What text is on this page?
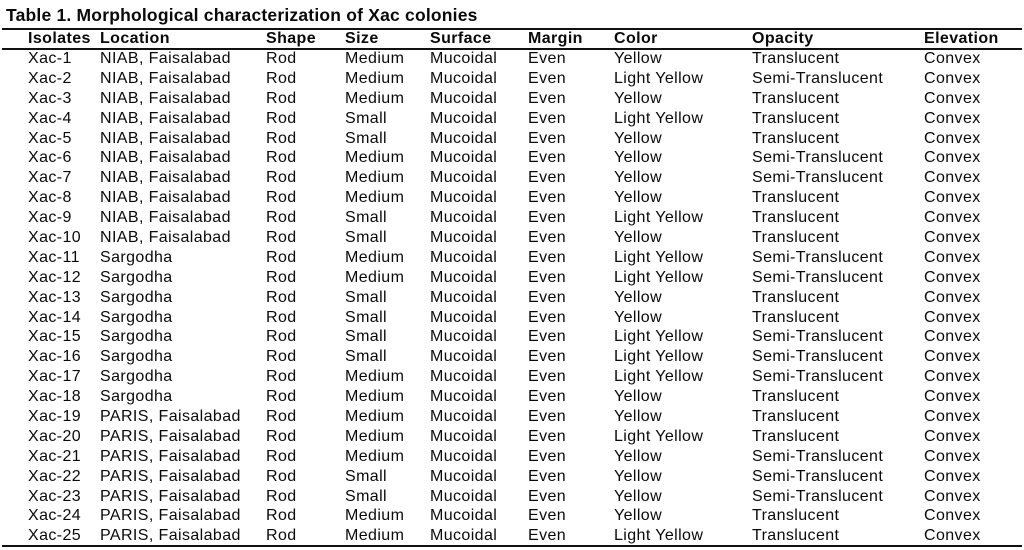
Table 1. Morphological characterization of Xac colonies
Isolates	Location	Shape	Size	Surface	Margin	Color	Opacity	Elevation
Xac-1	NIAB, Faisalabad	Rod	Medium	Mucoidal	Even	Yellow	Translucent	Convex
Xac-2	NIAB, Faisalabad	Rod	Medium	Mucoidal	Even	Light Yellow	Semi-Translucent	Convex
Xac-3	NIAB, Faisalabad	Rod	Medium	Mucoidal	Even	Yellow	Translucent	Convex
Xac-4	NIAB, Faisalabad	Rod	Small	Mucoidal	Even	Light Yellow	Translucent	Convex
Xac-5	NIAB, Faisalabad	Rod	Small	Mucoidal	Even	Yellow	Translucent	Convex
Xac-6	NIAB, Faisalabad	Rod	Medium	Mucoidal	Even	Yellow	Semi-Translucent	Convex
Xac-7	NIAB, Faisalabad	Rod	Medium	Mucoidal	Even	Yellow	Semi-Translucent	Convex
Xac-8	NIAB, Faisalabad	Rod	Medium	Mucoidal	Even	Yellow	Translucent	Convex
Xac-9	NIAB, Faisalabad	Rod	Small	Mucoidal	Even	Light Yellow	Translucent	Convex
Xac-10	NIAB, Faisalabad	Rod	Small	Mucoidal	Even	Yellow	Translucent	Convex
Xac-11	Sargodha	Rod	Medium	Mucoidal	Even	Light Yellow	Semi-Translucent	Convex
Xac-12	Sargodha	Rod	Medium	Mucoidal	Even	Light Yellow	Semi-Translucent	Convex
Xac-13	Sargodha	Rod	Small	Mucoidal	Even	Yellow	Translucent	Convex
Xac-14	Sargodha	Rod	Small	Mucoidal	Even	Yellow	Translucent	Convex
Xac-15	Sargodha	Rod	Small	Mucoidal	Even	Light Yellow	Semi-Translucent	Convex
Xac-16	Sargodha	Rod	Small	Mucoidal	Even	Light Yellow	Semi-Translucent	Convex
Xac-17	Sargodha	Rod	Medium	Mucoidal	Even	Light Yellow	Semi-Translucent	Convex
Xac-18	Sargodha	Rod	Medium	Mucoidal	Even	Yellow	Translucent	Convex
Xac-19	PARIS, Faisalabad	Rod	Medium	Mucoidal	Even	Yellow	Translucent	Convex
Xac-20	PARIS, Faisalabad	Rod	Medium	Mucoidal	Even	Light Yellow	Translucent	Convex
Xac-21	PARIS, Faisalabad	Rod	Medium	Mucoidal	Even	Yellow	Semi-Translucent	Convex
Xac-22	PARIS, Faisalabad	Rod	Small	Mucoidal	Even	Yellow	Semi-Translucent	Convex
Xac-23	PARIS, Faisalabad	Rod	Small	Mucoidal	Even	Yellow	Semi-Translucent	Convex
Xac-24	PARIS, Faisalabad	Rod	Medium	Mucoidal	Even	Yellow	Translucent	Convex
Xac-25	PARIS, Faisalabad	Rod	Medium	Mucoidal	Even	Light Yellow	Translucent	Convex
